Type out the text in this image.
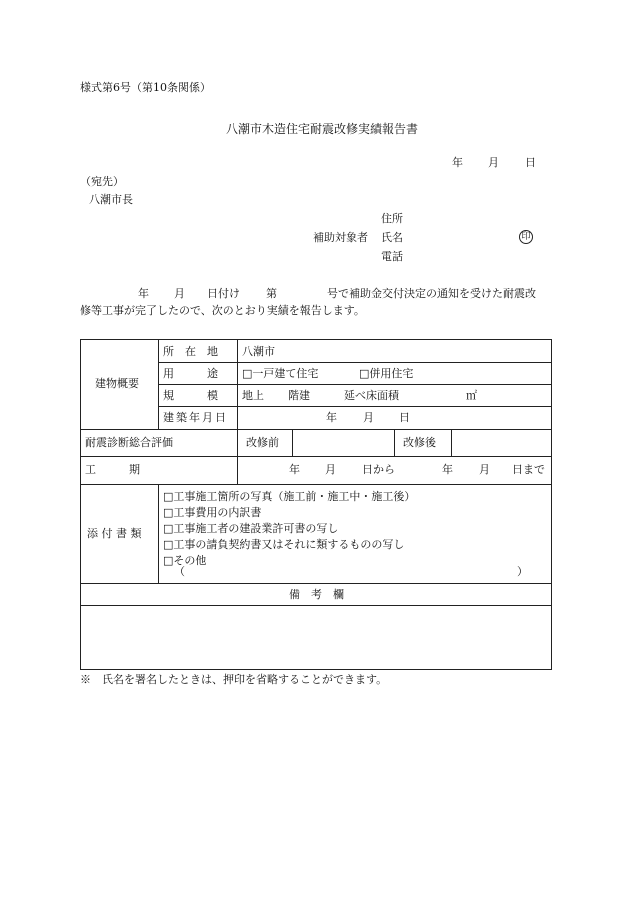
様式第6号（第10条関係）
八潮市木造住宅耐震改修実績報告書
年 月 日
（宛先）
八潮市長
住所
補助対象者 氏名	印
電話
年 月 日付け 第	号で補助金交付決定の通知を受けた耐震改
修等工事が完了したので、次のとおり実績を報告します。
建物概要
所　在　地	八潮市
用　　　途	□一戸建て住宅	□併用住宅
規　　　模	地上 階建	延べ床面積	㎡
建築年月日	年 月 日
耐震診断総合評価	改修前	改修後
工　　　期	年 月 日から	年 月 日まで
添 付 書 類
□工事施工箇所の写真（施工前・施工中・施工後）
□工事費用の内訳書
□工事施工者の建設業許可書の写し
□工事の請負契約書又はそれに類するものの写し
□その他
（	）
備　考　欄
※　氏名を署名したときは、押印を省略することができます。
